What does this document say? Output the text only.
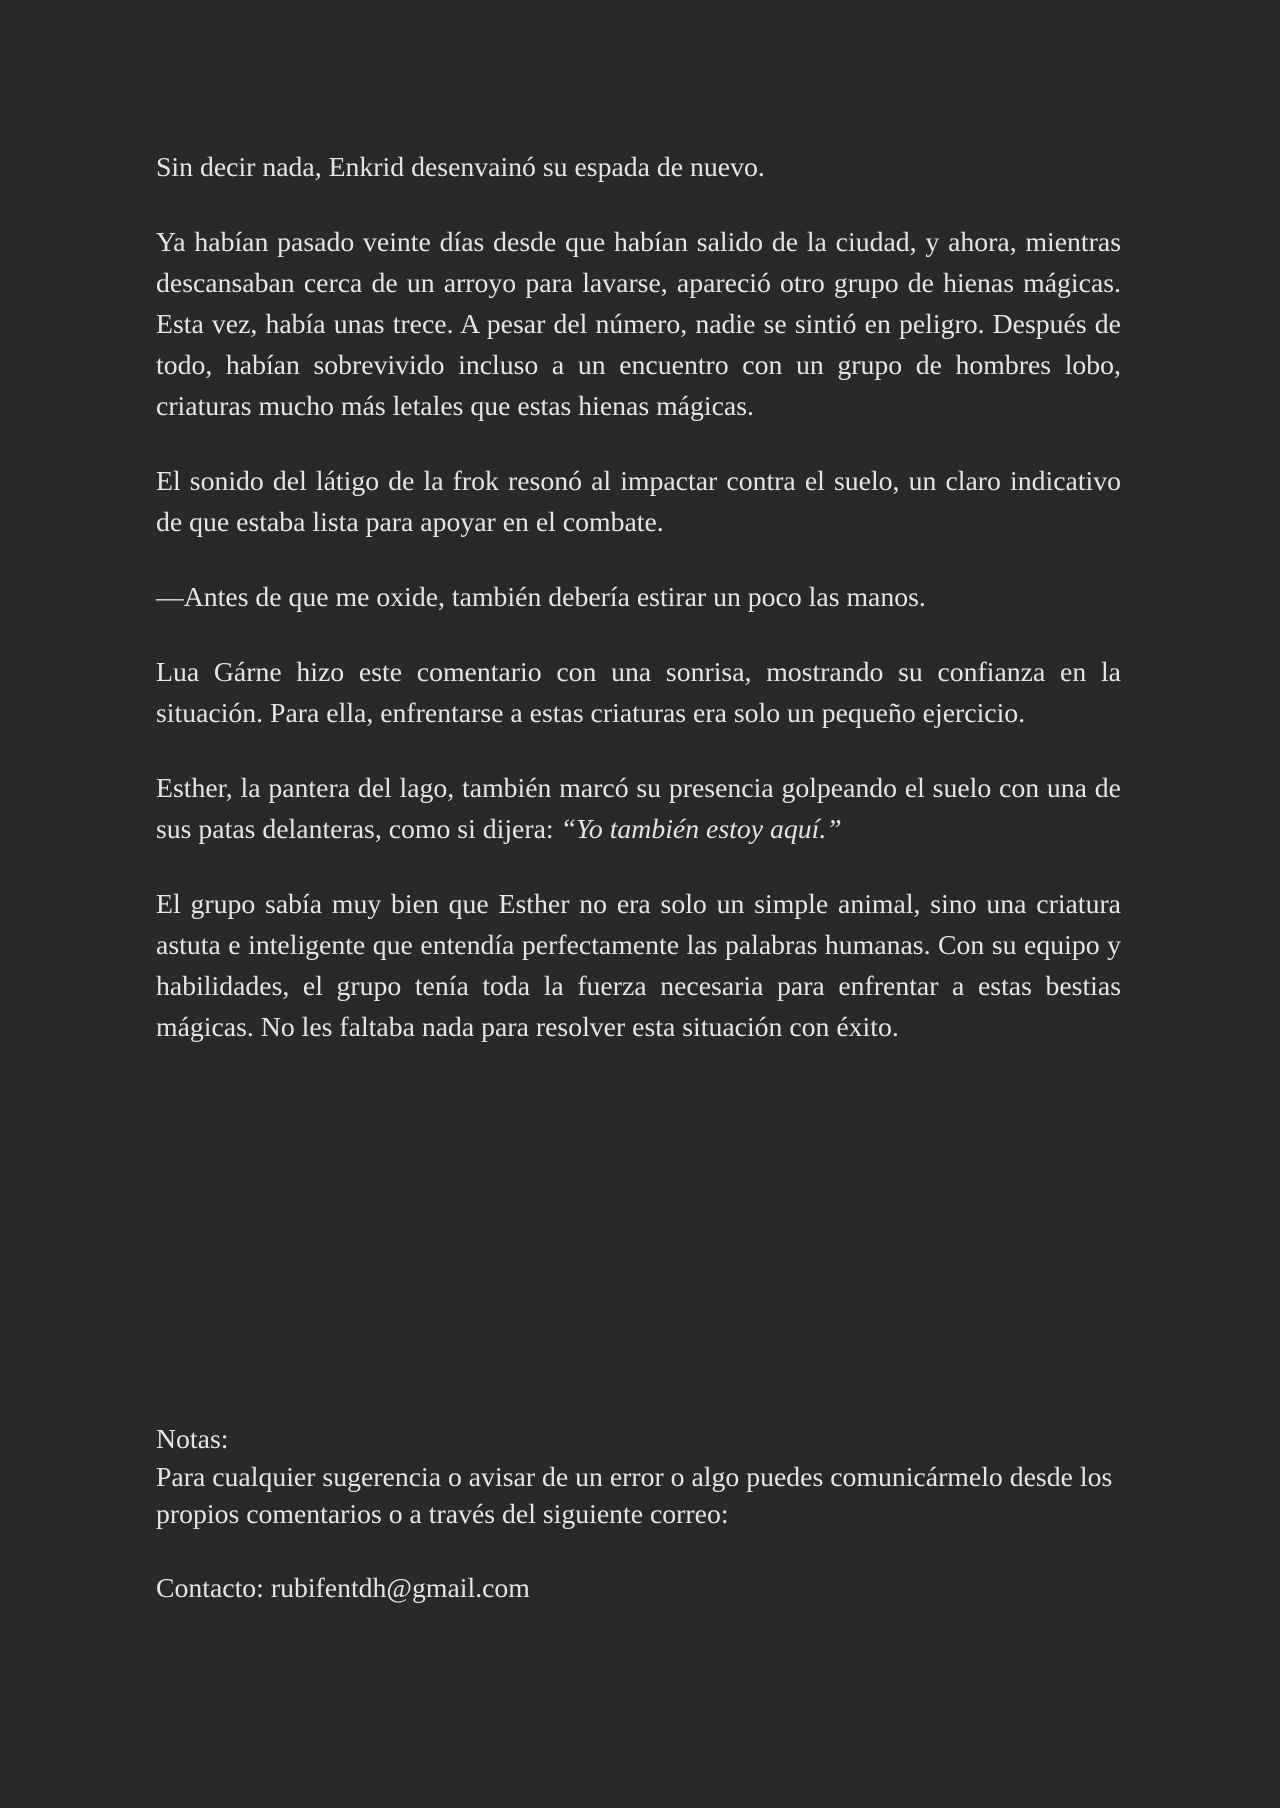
Sin decir nada, Enkrid desenvainó su espada de nuevo.

Ya habían pasado veinte días desde que habían salido de la ciudad, y ahora, mientras descansaban cerca de un arroyo para lavarse, apareció otro grupo de hienas mágicas. Esta vez, había unas trece. A pesar del número, nadie se sintió en peligro. Después de todo, habían sobrevivido incluso a un encuentro con un grupo de hombres lobo, criaturas mucho más letales que estas hienas mágicas.

El sonido del látigo de la frok resonó al impactar contra el suelo, un claro indicativo de que estaba lista para apoyar en el combate.

—Antes de que me oxide, también debería estirar un poco las manos.

Lua Gárne hizo este comentario con una sonrisa, mostrando su confianza en la situación. Para ella, enfrentarse a estas criaturas era solo un pequeño ejercicio.

Esther, la pantera del lago, también marcó su presencia golpeando el suelo con una de sus patas delanteras, como si dijera: “Yo también estoy aquí.”

El grupo sabía muy bien que Esther no era solo un simple animal, sino una criatura astuta e inteligente que entendía perfectamente las palabras humanas. Con su equipo y habilidades, el grupo tenía toda la fuerza necesaria para enfrentar a estas bestias mágicas. No les faltaba nada para resolver esta situación con éxito.

Notas:
Para cualquier sugerencia o avisar de un error o algo puedes comunicármelo desde los
propios comentarios o a través del siguiente correo:
Contacto: rubifentdh@gmail.com
